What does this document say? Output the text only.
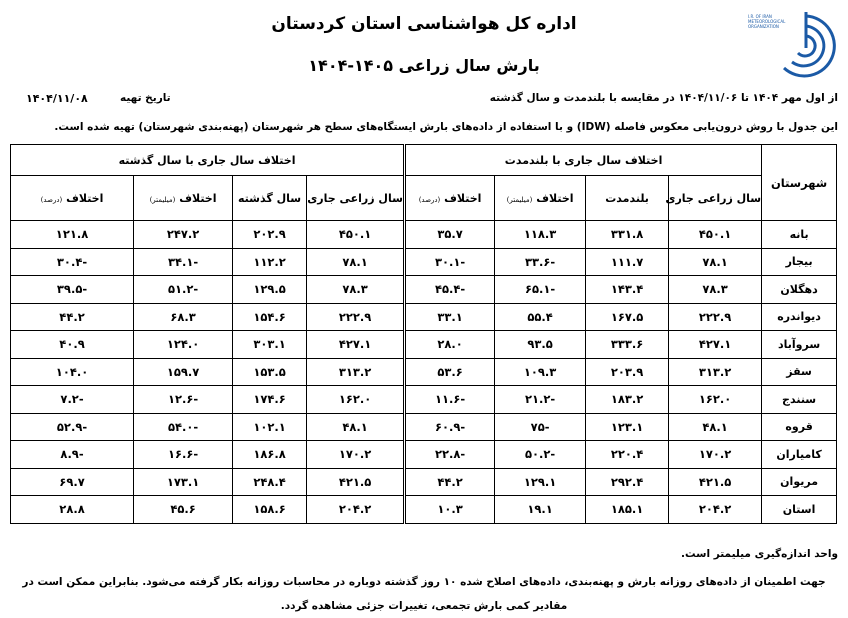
اداره کل هواشناسی استان کردستان
بارش سال زراعی ۱۴۰۵-۱۴۰۴
I.R. OF IRAN METEOROLOGICAL ORGANIZATION
از اول مهر ۱۴۰۴ تا ۱۴۰۴/۱۱/۰۶ در مقایسه با بلندمدت و سال گذشته
تاریخ تهیه
۱۴۰۴/۱۱/۰۸
این جدول با روش درون‌یابی معکوس فاصله (IDW) و با استفاده از داده‌های بارش ایستگاه‌های سطح هر شهرستان (پهنه‌بندی شهرستان) تهیه شده است.
شهرستان	اختلاف سال جاری با بلندمدت				اختلاف سال جاری با سال گذشته			
	سال زراعی جاری	بلندمدت	اختلاف (میلیمتر)	اختلاف (درصد)	سال زراعی جاری	سال گذشته	اختلاف (میلیمتر)	اختلاف (درصد)
بانه	۴۵۰.۱	۳۳۱.۸	۱۱۸.۳	۳۵.۷	۴۵۰.۱	۲۰۲.۹	۲۴۷.۲	۱۲۱.۸
بیجار	۷۸.۱	۱۱۱.۷	-۳۳.۶	-۳۰.۱	۷۸.۱	۱۱۲.۲	-۳۴.۱	-۳۰.۴
دهگلان	۷۸.۳	۱۴۳.۴	-۶۵.۱	-۴۵.۴	۷۸.۳	۱۲۹.۵	-۵۱.۲	-۳۹.۵
دیواندره	۲۲۲.۹	۱۶۷.۵	۵۵.۴	۳۳.۱	۲۲۲.۹	۱۵۴.۶	۶۸.۳	۴۴.۲
سروآباد	۴۲۷.۱	۳۳۳.۶	۹۳.۵	۲۸.۰	۴۲۷.۱	۳۰۳.۱	۱۲۴.۰	۴۰.۹
سقز	۳۱۳.۲	۲۰۳.۹	۱۰۹.۳	۵۳.۶	۳۱۳.۲	۱۵۳.۵	۱۵۹.۷	۱۰۴.۰
سنندج	۱۶۲.۰	۱۸۳.۲	-۲۱.۲	-۱۱.۶	۱۶۲.۰	۱۷۴.۶	-۱۲.۶	-۷.۲
قروه	۴۸.۱	۱۲۳.۱	-۷۵	-۶۰.۹	۴۸.۱	۱۰۲.۱	-۵۴.۰	-۵۲.۹
کامیاران	۱۷۰.۲	۲۲۰.۴	-۵۰.۲	-۲۲.۸	۱۷۰.۲	۱۸۶.۸	-۱۶.۶	-۸.۹
مریوان	۴۲۱.۵	۲۹۲.۴	۱۲۹.۱	۴۴.۲	۴۲۱.۵	۲۴۸.۴	۱۷۳.۱	۶۹.۷
استان	۲۰۴.۲	۱۸۵.۱	۱۹.۱	۱۰.۳	۲۰۴.۲	۱۵۸.۶	۴۵.۶	۲۸.۸
واحد اندازه‌گیری میلیمتر است.
جهت اطمینان از داده‌های روزانه بارش و پهنه‌بندی، داده‌های اصلاح شده ۱۰ روز گذشته دوباره در محاسبات روزانه بکار گرفته می‌شود. بنابراین ممکن است در مقادیر کمی بارش تجمعی، تغییرات جزئی مشاهده گردد.
